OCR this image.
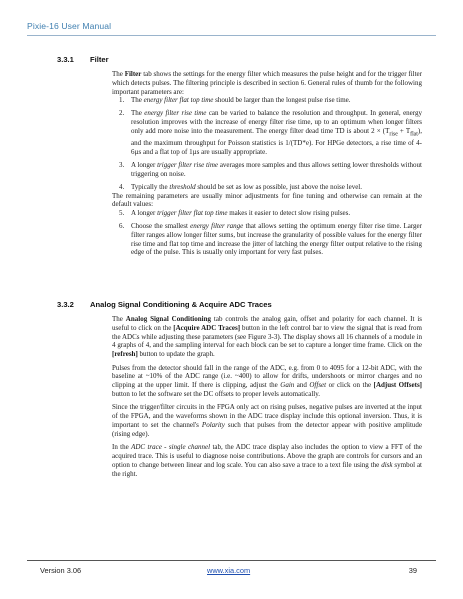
Pixie-16 User Manual
3.3.1 Filter

The Filter tab shows the settings for the energy filter which measures the pulse height and for the trigger filter which detects pulses. The filtering principle is described in section 6. General rules of thumb for the following important parameters are:

1. The energy filter flat top time should be larger than the longest pulse rise time.
2. The energy filter rise time can be varied to balance the resolution and throughput. In general, energy resolution improves with the increase of energy filter rise time, up to an optimum when longer filters only add more noise into the measurement. The energy filter dead time TD is about $2 \times (T_{rise} + T_{flat})$, and the maximum throughput for Poisson statistics is 1/(TD*e). For HPGe detectors, a rise time of 4-6µs and a flat top of 1µs are usually appropriate.
3. A longer trigger filter rise time averages more samples and thus allows setting lower thresholds without triggering on noise.
4. Typically the threshold should be set as low as possible, just above the noise level.

The remaining parameters are usually minor adjustments for fine tuning and otherwise can remain at the default values:

5. A longer trigger filter flat top time makes it easier to detect slow rising pulses.
6. Choose the smallest energy filter range that allows setting the optimum energy filter rise time. Larger filter ranges allow longer filter sums, but increase the granularity of possible values for the energy filter rise time and flat top time and increase the jitter of latching the energy filter output relative to the rising edge of the pulse. This is usually only important for very fast pulses.
3.3.2 Analog Signal Conditioning & Acquire ADC Traces

The Analog Signal Conditioning tab controls the analog gain, offset and polarity for each channel. It is useful to click on the [Acquire ADC Traces] button in the left control bar to view the signal that is read from the ADCs while adjusting these parameters (see Figure 3-3). The display shows all 16 channels of a module in 4 graphs of 4, and the sampling interval for each block can be set to capture a longer time frame. Click on the [refresh] button to update the graph.

Pulses from the detector should fall in the range of the ADC, e.g. from 0 to 4095 for a 12-bit ADC, with the baseline at ~10% of the ADC range (i.e. ~400) to allow for drifts, undershoots or mirror charges and no clipping at the upper limit. If there is clipping, adjust the Gain and Offset or click on the [Adjust Offsets] button to let the software set the DC offsets to proper levels automatically.

Since the trigger/filter circuits in the FPGA only act on rising pulses, negative pulses are inverted at the input of the FPGA, and the waveforms shown in the ADC trace display include this optional inversion. Thus, it is important to set the channel's Polarity such that pulses from the detector appear with positive amplitude (rising edge).

In the ADC trace - single channel tab, the ADC trace display also includes the option to view a FFT of the acquired trace. This is useful to diagnose noise contributions. Above the graph are controls for cursors and an option to change between linear and log scale. You can also save a trace to a text file using the disk symbol at the right.

Version 3.06	www.xia.com	39
